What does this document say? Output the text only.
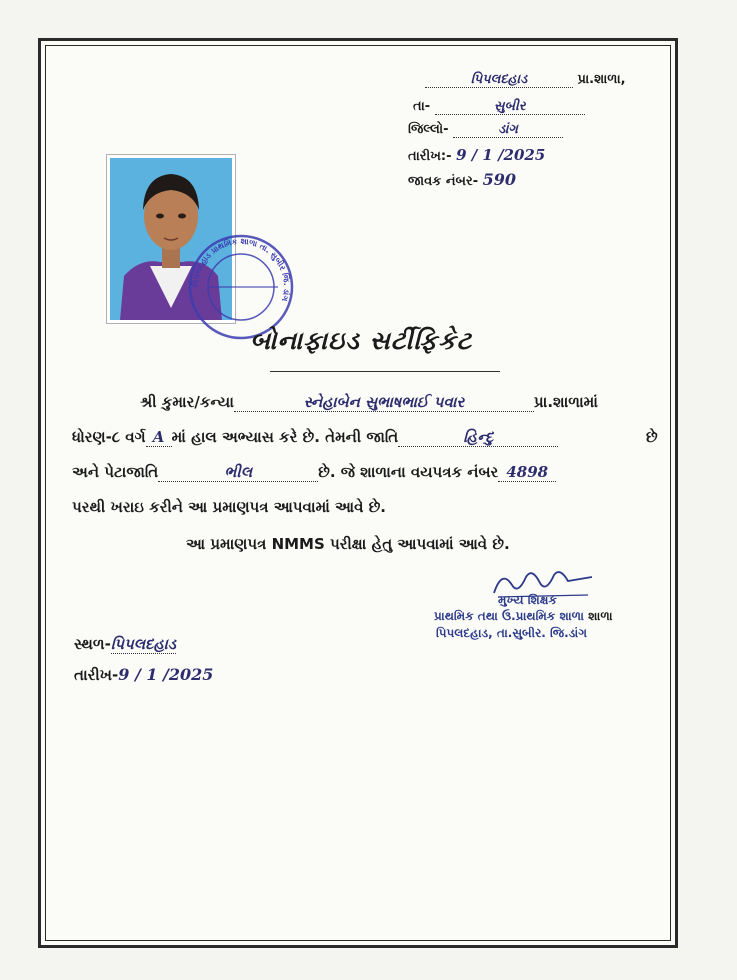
પિપલદહાડ	પ્રા.શાળા,
તા-	સુબીર
જિલ્લો-	ડાંગ
તારીખ:- 9 / 1 /2025
જાવક નંબર- 590
પિપલદહાડ પ્રાથમિક શાળા તા. સુબીર જિ. ડાંગ
બોનાફાઇડ સર્ટીફિકેટ
શ્રી કુમાર/કન્યા	સ્નેહાબેન સુભાષભાઈ પવાર	પ્રા.શાળામાં
ધોરણ-૮ વર્ગ A માં હાલ અભ્યાસ કરે છે. તેમની જાતિ	હિન્દુ	છે
અને પેટાજાતિ	ભીલ	છે. જે શાળાના વયપત્રક નંબર 4898
પરથી ખરાઇ કરીને આ પ્રમાણપત્ર આપવામાં આવે છે.
આ પ્રમાણપત્ર NMMS પરીક્ષા હેતુ આપવામાં આવે છે.
મુખ્ય શિક્ષક
પ્રાથમિક તથા ઉ.પ્રાથમિક શાળા શાળા
પિપલદહાડ, તા.સુબીર. જિ.ડાંગ
સ્થળ-પિપલદહાડ
તારીખ-9 / 1 /2025
